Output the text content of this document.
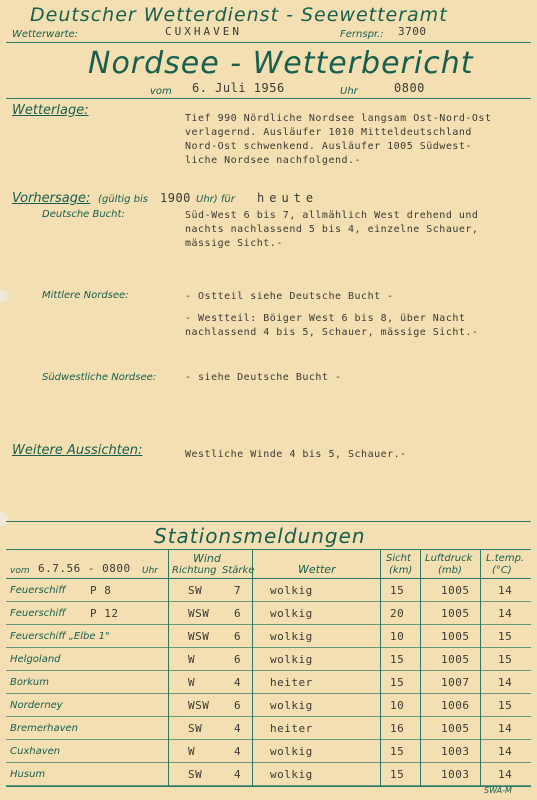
Deutscher Wetterdienst - Seewetteramt
Wetterwarte:	CUXHAVEN	Fernspr.: 3700
Nordsee - Wetterbericht
vom 6. Juli 1956	Uhr	0800
Wetterlage:
Tief 990 Nördliche Nordsee langsam Ost-Nord-Ost
verlagernd. Ausläufer 1010 Mitteldeutschland
Nord-Ost schwenkend. Ausläufer 1005 Südwest-
liche Nordsee nachfolgend.-
Vorhersage: (gültig bis 1900 Uhr) für heute
Deutsche Bucht:	Süd-West 6 bis 7, allmählich West drehend und
nachts nachlassend 5 bis 4, einzelne Schauer,
mässige Sicht.-
Mittlere Nordsee:	- Ostteil siehe Deutsche Bucht -
- Westteil: Böiger West 6 bis 8, über Nacht
nachlassend 4 bis 5, Schauer, mässige Sicht.-
Südwestliche Nordsee:	- siehe Deutsche Bucht -
Weitere Aussichten:	Westliche Winde 4 bis 5, Schauer.-
Stationsmeldungen
vom 6.7.56 - 0800 Uhr
Wind
Richtung Stärke	Wetter
Sicht
(km)
Luftdruck
(mb)
L.temp.
(°C)
Feuerschiff P 8	SW	7	wolkig	15	1005	14
Feuerschiff P 12	WSW 6	wolkig	20	1005	14
Feuerschiff „Elbe 1"	WSW 6	wolkig	10	1005	15
Helgoland	W	6	wolkig	15	1005	15
Borkum	W	4	heiter	15	1007	14
Norderney	WSW 6	wolkig	10	1006	15
Bremerhaven	SW	4	heiter	16	1005	14
Cuxhaven	W	4	wolkig	15	1003	14
Husum	SW	4	wolkig	15	1003	14
SWA-M
